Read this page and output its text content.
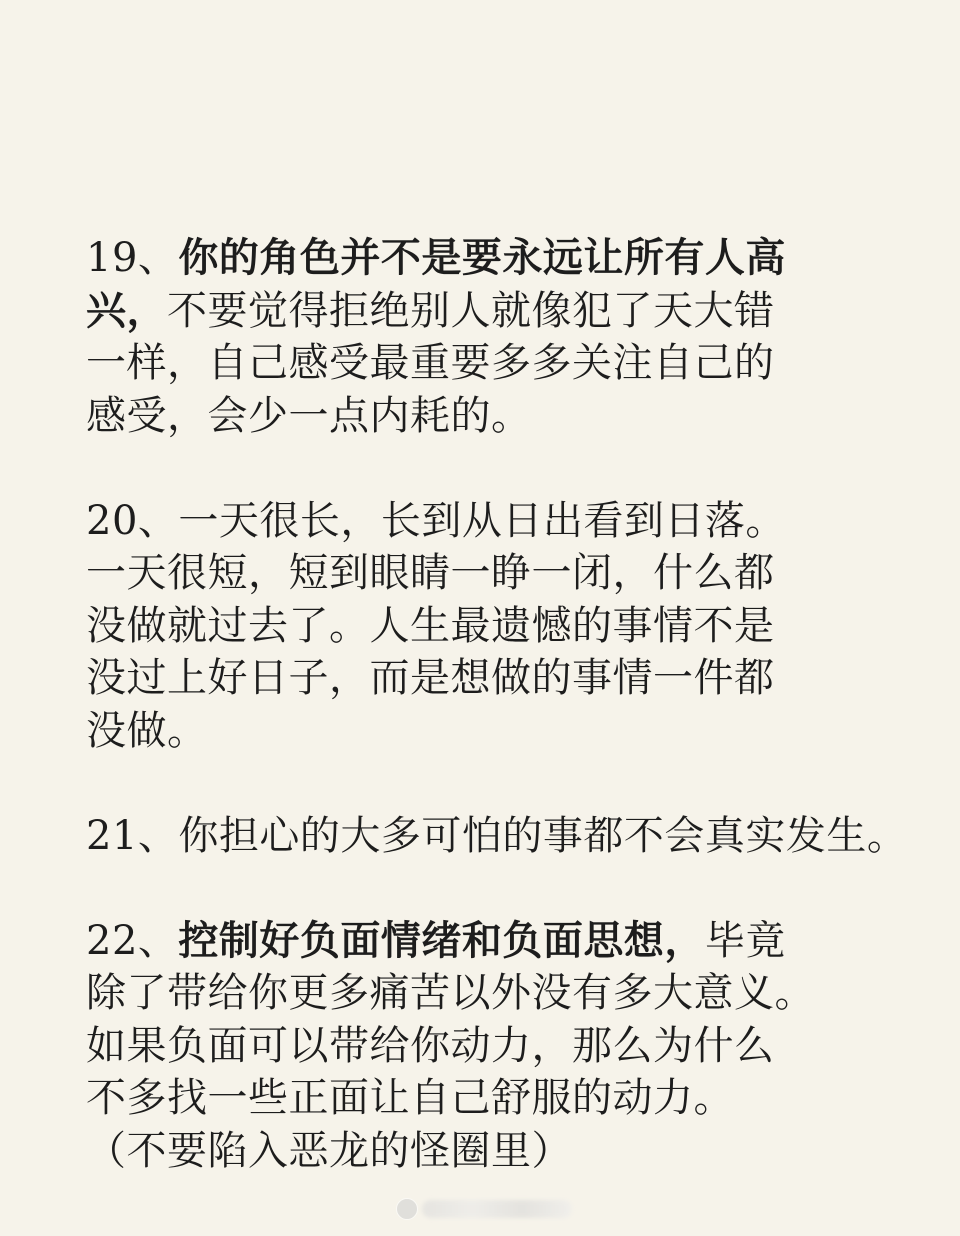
19、你的角色并不是要永远让所有人高
兴，不要觉得拒绝别人就像犯了天大错
一样，自己感受最重要多多关注自己的
感受，会少一点内耗的。
20、一天很长，长到从日出看到日落。
一天很短，短到眼睛一睁一闭，什么都
没做就过去了。人生最遗憾的事情不是
没过上好日子，而是想做的事情一件都
没做。
21、你担心的大多可怕的事都不会真实发生。
22、控制好负面情绪和负面思想，毕竟
除了带给你更多痛苦以外没有多大意义。
如果负面可以带给你动力，那么为什么
不多找一些正面让自己舒服的动力。
（不要陷入恶龙的怪圈里）
